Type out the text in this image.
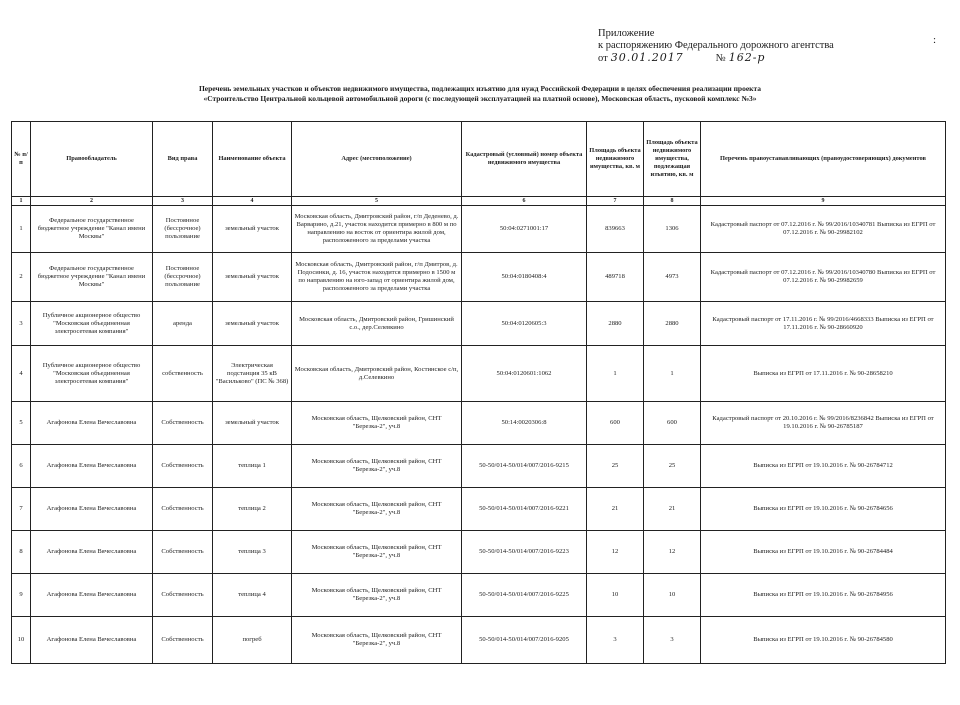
Приложение
к распоряжению Федерального дорожного агентства
от 30.01.2017	№ 162-р
:
Перечень земельных участков и объектов недвижимого имущества, подлежащих изъятию для нужд Российской Федерации в целях обеспечения реализации проекта
«Строительство Центральной кольцевой автомобильной дороги (с последующей эксплуатацией на платной основе), Московская область, пусковой комплекс №3»
№ п/п	Правообладатель	Вид права	Наименование объекта	Адрес (местоположение)	Кадастровый (условный) номер объекта недвижимого имущества	Площадь объекта недвижимого имущества, кв. м	Площадь объекта недвижимого имущества, подлежащая изъятию, кв. м	Перечень правоустанавливающих (правоудостоверяющих) документов
1	2	3	4	5	6	7	8	9
1	Федеральное государственное бюджетное учреждение "Канал имени Москвы"	Постоянное (бессрочное) пользование	земельный участок	Московская область, Дмитровский район, г/п Деденево, д. Варварино, д.21, участок находится примерно в 800 м по направлению на восток от ориентира жилой дом, расположенного за пределами участка	50:04:0271001:17	839663	1306	Кадастровый паспорт от 07.12.2016 г. № 99/2016/10340781 Выписка из ЕГРП от 07.12.2016 г. № 90-29982102
2	Федеральное государственное бюджетное учреждение "Канал имени Москвы"	Постоянное (бессрочное) пользование	земельный участок	Московская область, Дмитровский район, г/п Дмитров, д. Подосинки, д. 16, участок находится примерно в 1500 м по направлению на юго-запад от ориентира жилой дом, расположенного за пределами участка	50:04:0180408:4	489718	4973	Кадастровый паспорт от 07.12.2016 г. № 99/2016/10340780 Выписка из ЕГРП от 07.12.2016 г. № 90-29982659
3	Публичное акционерное общество "Московская объединенная электросетевая компания"	аренда	земельный участок	Московская область, Дмитровский район, Гришинский с.о., дер.Селевкино	50:04:0120605:3	2880	2880	Кадастровый паспорт от 17.11.2016 г. № 99/2016/4668333 Выписка из ЕГРП от 17.11.2016 г. № 90-28660920
4	Публичное акционерное общество "Московская объединенная электросетевая компания"	собственность	Электрическая подстанция 35 кВ "Васильково" (ПС № 368)	Московская область, Дмитровский район, Костинское с/п, д.Селевкино	50:04:0120601:1062	1	1	Выписка из ЕГРП от 17.11.2016 г. № 90-28658210
5	Агафонова Елена Вячеславовна	Собственность	земельный участок	Московская область, Щелковский район, СНТ "Березка-2", уч.8	50:14:0020306:8	600	600	Кадастровый паспорт от 20.10.2016 г. № 99/2016/8236842 Выписка из ЕГРП от 19.10.2016 г. № 90-26785187
6	Агафонова Елена Вячеславовна	Собственность	теплица 1	Московская область, Щелковский район, СНТ "Березка-2", уч.8	50-50/014-50/014/007/2016-9215	25	25	Выписка из ЕГРП от 19.10.2016 г. № 90-26784712
7	Агафонова Елена Вячеславовна	Собственность	теплица 2	Московская область, Щелковский район, СНТ "Березка-2", уч.8	50-50/014-50/014/007/2016-9221	21	21	Выписка из ЕГРП от 19.10.2016 г. № 90-26784656
8	Агафонова Елена Вячеславовна	Собственность	теплица 3	Московская область, Щелковский район, СНТ "Березка-2", уч.8	50-50/014-50/014/007/2016-9223	12	12	Выписка из ЕГРП от 19.10.2016 г. № 90-26784484
9	Агафонова Елена Вячеславовна	Собственность	теплица 4	Московская область, Щелковский район, СНТ "Березка-2", уч.8	50-50/014-50/014/007/2016-9225	10	10	Выписка из ЕГРП от 19.10.2016 г. № 90-26784956
10	Агафонова Елена Вячеславовна	Собственность	погреб	Московская область, Щелковский район, СНТ "Березка-2", уч.8	50-50/014-50/014/007/2016-9205	3	3	Выписка из ЕГРП от 19.10.2016 г. № 90-26784580
